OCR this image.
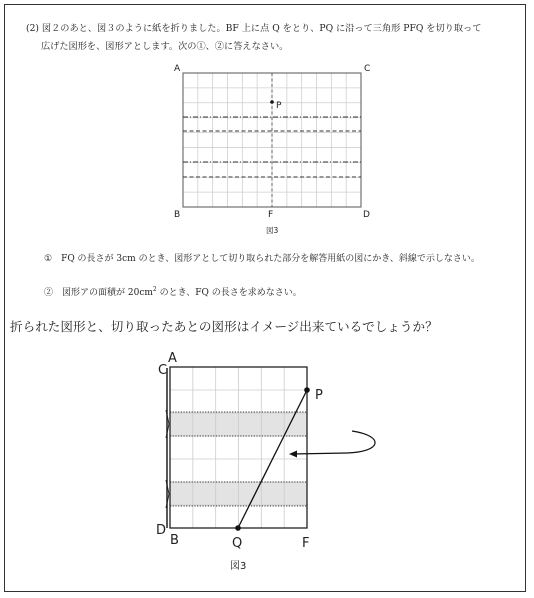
(2) 図２のあと、図３のように紙を折りました。BF 上に点 Q をとり、PQ に沿って三角形 PFQ を切り取って
広げた図形を、図形アとします。次の①、②に答えなさい。
A	C
P
B	F	D
図3
A
C
P
D
B	Q	F
図3
①　FQ の長さが 3cm のとき、図形アとして切り取られた部分を解答用紙の図にかき、斜線で示しなさい。
②　図形アの面積が $20cm^2$ のとき、FQ の長さを求めなさい。
折られた図形と、切り取ったあとの図形はイメージ出来ているでしょうか？
